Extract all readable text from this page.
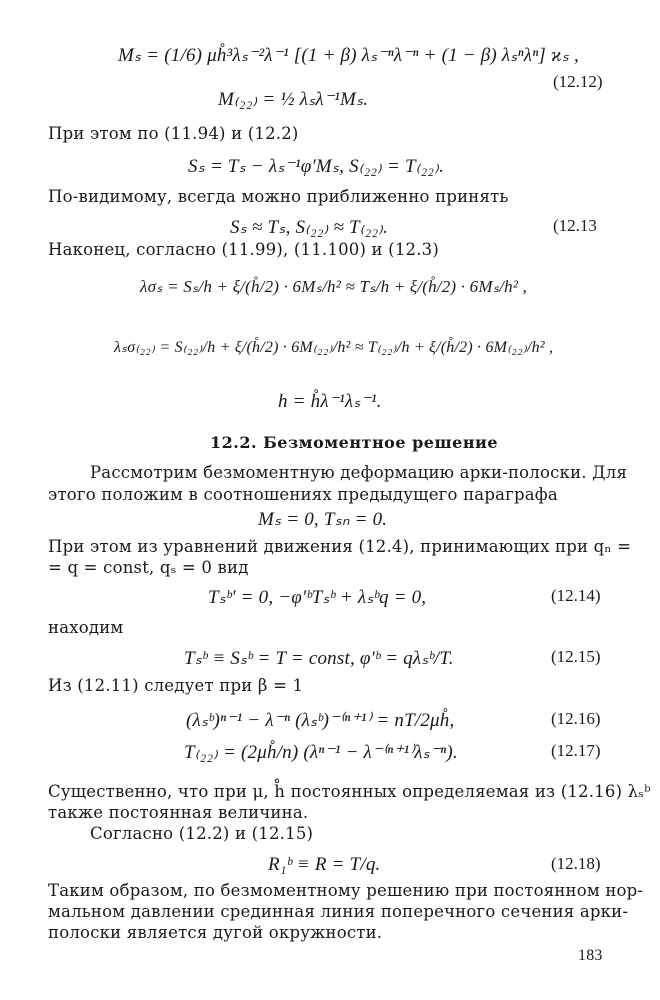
Mₛ = (1/6) μh̊³λₛ⁻²λ⁻¹ [(1 + β) λₛ⁻ⁿλ⁻ⁿ + (1 − β) λₛⁿλⁿ] ϰₛ ,
M₍₂₂₎ = ½ λₛλ⁻¹Mₛ.
(12.12)
При этом по (11.94) и (12.2)
Sₛ = Tₛ − λₛ⁻¹φ′Mₛ, S₍₂₂₎ = T₍₂₂₎.
По-видимому, всегда можно приближенно принять
Sₛ ≈ Tₛ, S₍₂₂₎ ≈ T₍₂₂₎.	(12.13
Наконец, согласно (11.99), (11.100) и (12.3)
λσₛ = Sₛ/h + ξ/(h̊/2) · 6Mₛ/h² ≈ Tₛ/h + ξ/(h̊/2) · 6Mₛ/h² ,
λₛσ₍₂₂₎ = S₍₂₂₎/h + ξ/(h̊/2) · 6M₍₂₂₎/h² ≈ T₍₂₂₎/h + ξ/(h̊/2) · 6M₍₂₂₎/h² ,
h = h̊λ⁻¹λₛ⁻¹.
12.2. Безмоментное решение
Рассмотрим безмоментную деформацию арки-полоски. Для
этого положим в соотношениях предыдущего параграфа
Mₛ = 0, Tₛₙ = 0.
При этом из уравнений движения (12.4), принимающих при qₙ =
= q = const, qₛ = 0 вид
Tₛᵇ′ = 0, −φ′ᵇTₛᵇ + λₛᵇq = 0,	(12.14)
находим
Tₛᵇ ≡ Sₛᵇ = T = const, φ′ᵇ = qλₛᵇ/T.	(12.15)
Из (12.11) следует при β = 1
(λₛᵇ)ⁿ⁻¹ − λ⁻ⁿ (λₛᵇ)⁻⁽ⁿ⁺¹⁾ = nT/2μh̊,	(12.16)
T₍₂₂₎ = (2μh̊/n) (λⁿ⁻¹ − λ⁻⁽ⁿ⁺¹⁾λₛ⁻ⁿ).	(12.17)
Существенно, что при μ, h̊ постоянных определяемая из (12.16) λₛᵇ
также постоянная величина.
Согласно (12.2) и (12.15)
R₁ᵇ ≡ R = T/q.	(12.18)
Таким образом, по безмоментному решению при постоянном нор-
мальном давлении срединная линия поперечного сечения арки-
полоски является дугой окружности.
183
